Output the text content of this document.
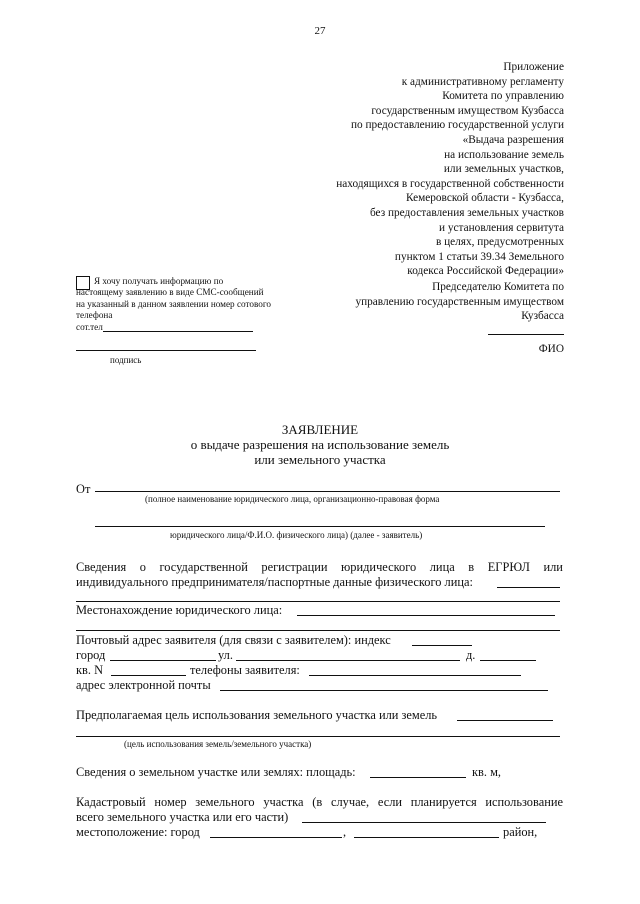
27
Приложение
к административному регламенту
Комитета по управлению
государственным имуществом Кузбасса
по предоставлению государственной услуги
«Выдача разрешения
на использование земель
или земельных участков,
находящихся в государственной собственности
Кемеровской области - Кузбасса,
без предоставления земельных участков
и установления сервитута
в целях, предусмотренных
пунктом 1 статьи 39.34 Земельного
кодекса Российской Федерации»
Я хочу получать информацию по
настоящему заявлению в виде СМС-сообщений
на указанный в данном заявлении номер сотового
телефона
сот.тел
подпись
Председателю Комитета по
управлению государственным имуществом
Кузбасса
ФИО
ЗАЯВЛЕНИЕ
о выдаче разрешения на использование земель
или земельного участка
От
(полное наименование юридического лица, организационно-правовая форма
юридического лица/Ф.И.О. физического лица) (далее - заявитель)
Сведения о государственной регистрации юридического лица в ЕГРЮЛ или
индивидуального предпринимателя/паспортные данные физического лица:
Местонахождение юридического лица:
Почтовый адрес заявителя (для связи с заявителем): индекс
город	ул.	д.
кв. N	телефоны заявителя:
адрес электронной почты
Предполагаемая цель использования земельного участка или земель
(цель использования земель/земельного участка)
Сведения о земельном участке или землях: площадь:	кв. м,
Кадастровый номер земельного участка (в случае, если планируется использование
всего земельного участка или его части)
местоположение: город	,	район,
